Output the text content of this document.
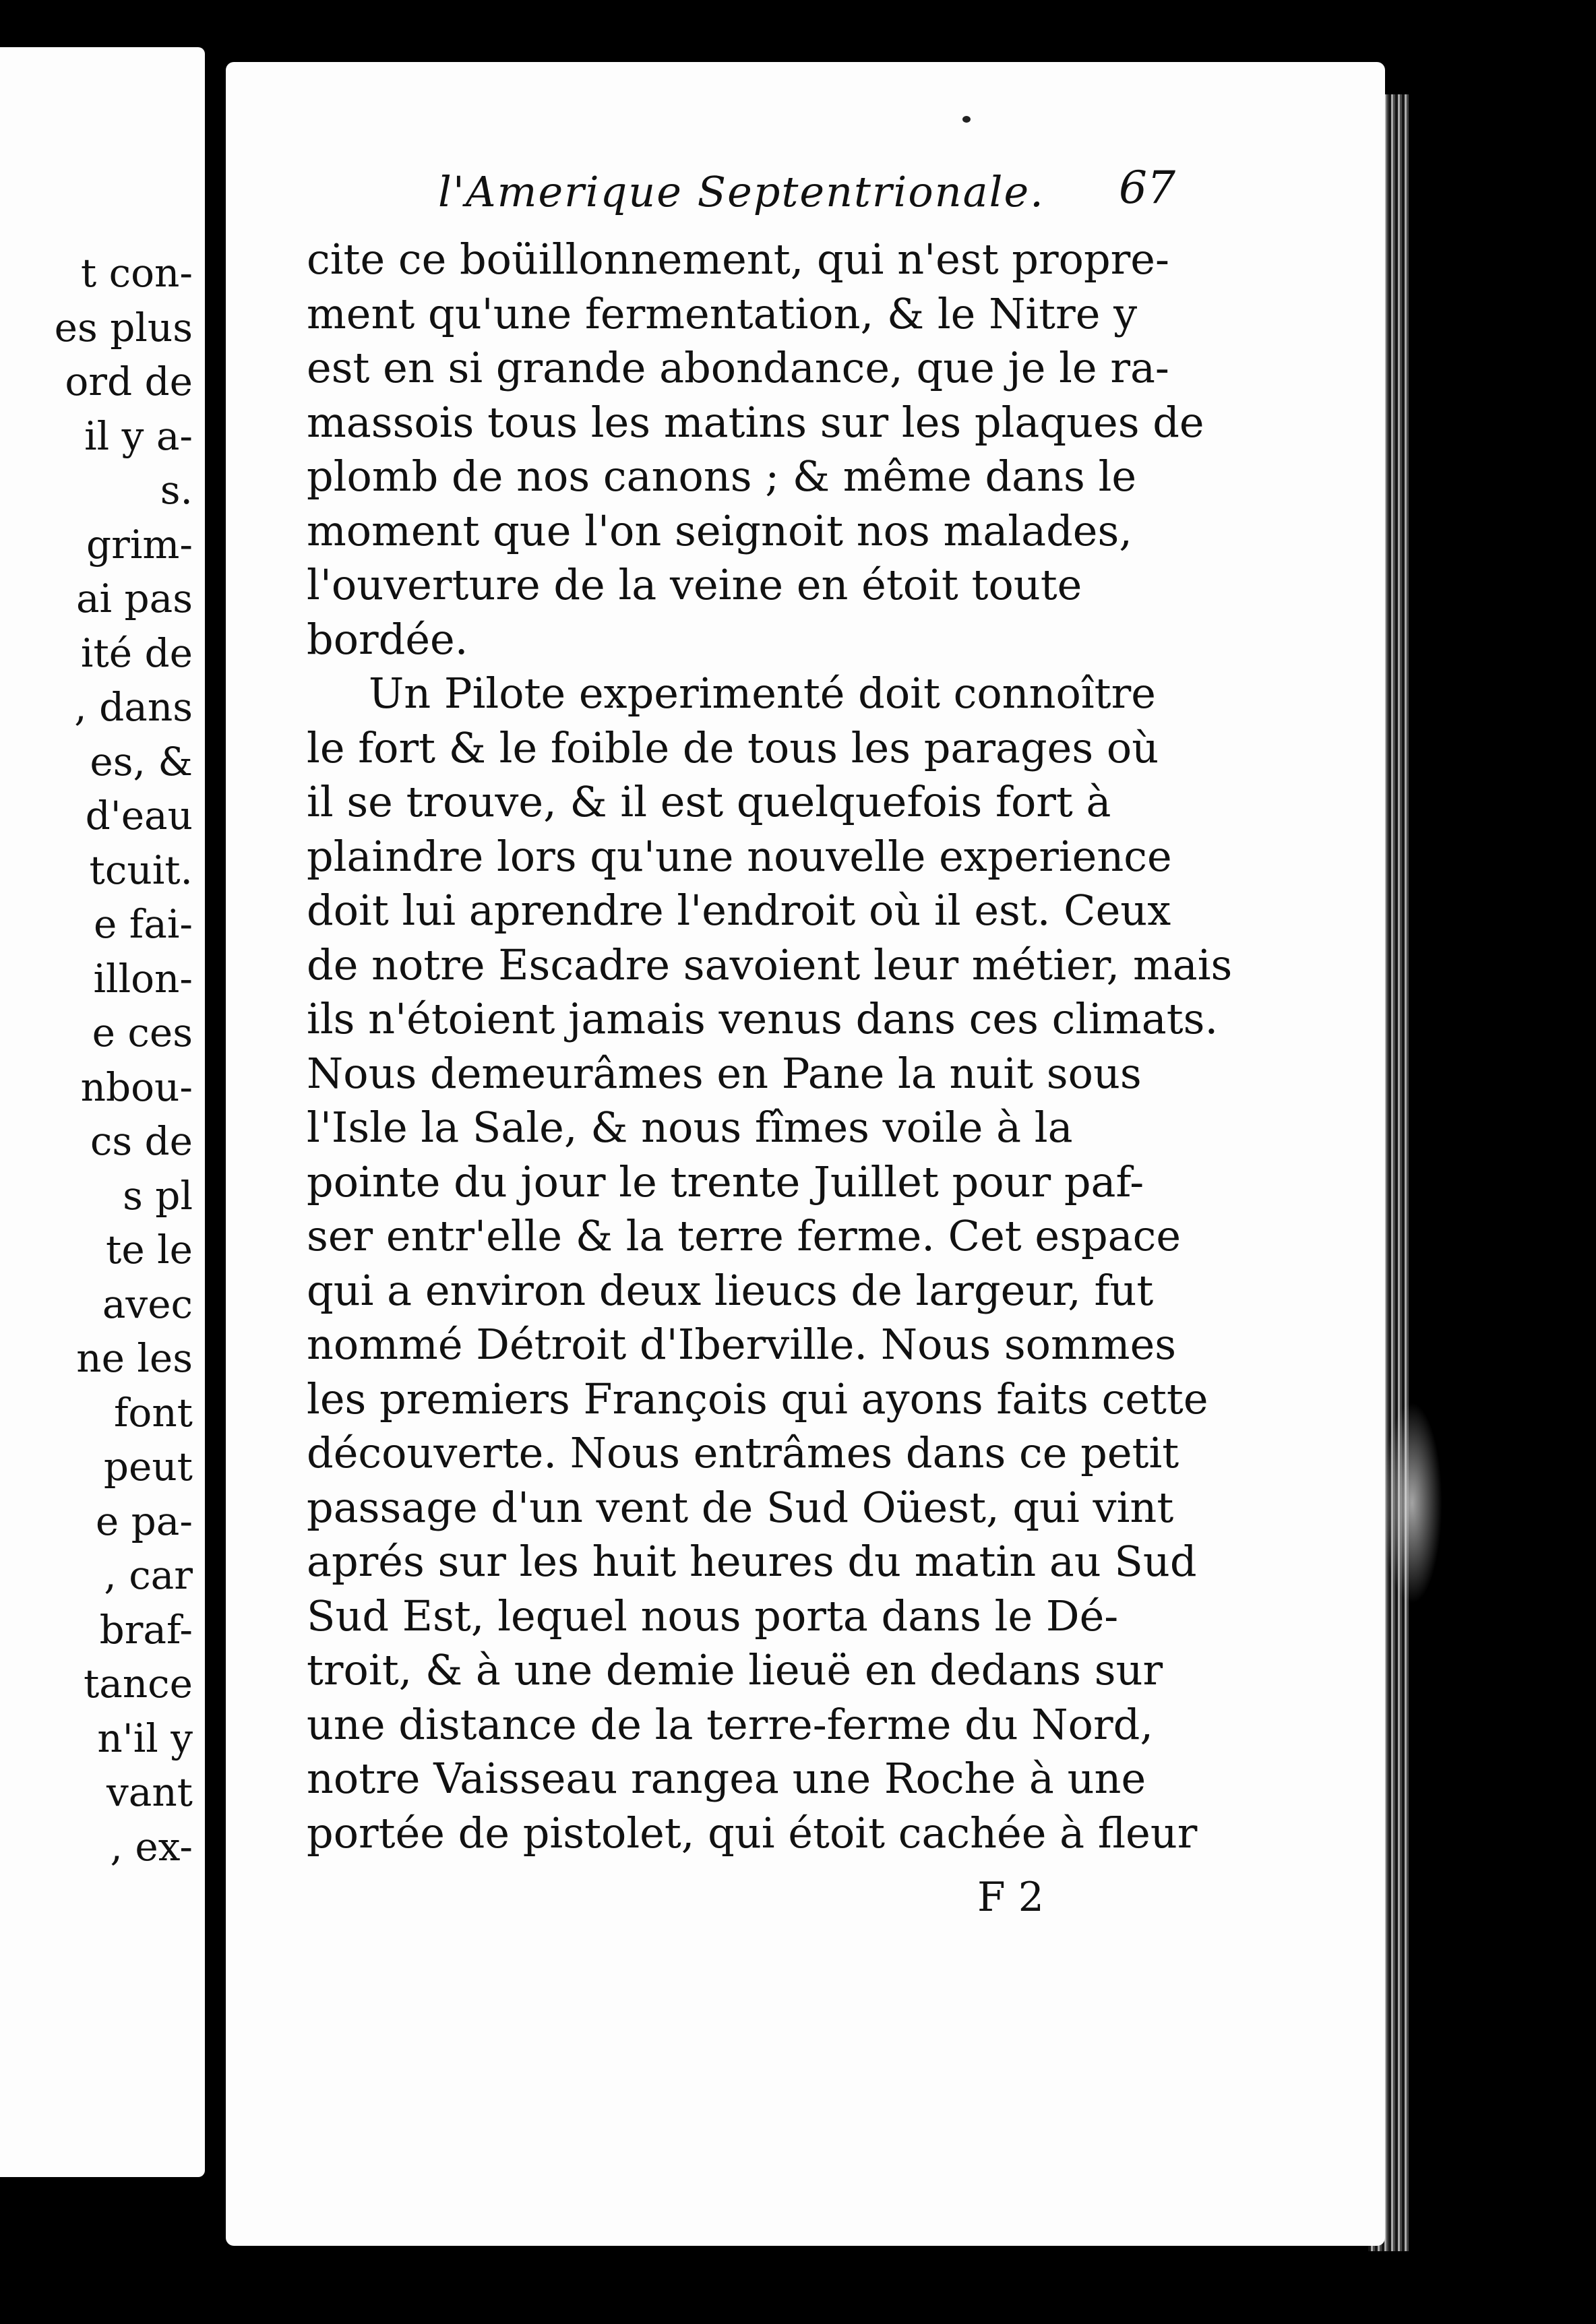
t con-
es plus
ord de
il y a-
s.
grim-
ai pas
ité de
, dans
es, &
d'eau
tcuit.
e fai-
illon-
e ces
nbou-
cs de
s pl
te le
avec
ne les
font
peut
e pa-
, car
braf-
tance
n'il y
vant
, ex-
l'Amerique Septentrionale. 67
cite ce boüillonnement, qui n'est propre-
ment qu'une fermentation, & le Nitre y
est en si grande abondance, que je le ra-
massois tous les matins sur les plaques de
plomb de nos canons ; & même dans le
moment que l'on seignoit nos malades,
l'ouverture de la veine en étoit toute
bordée.
Un Pilote experimenté doit connoître
le fort & le foible de tous les parages où
il se trouve, & il est quelquefois fort à
plaindre lors qu'une nouvelle experience
doit lui aprendre l'endroit où il est. Ceux
de notre Escadre savoient leur métier, mais
ils n'étoient jamais venus dans ces climats.
Nous demeurâmes en Pane la nuit sous
l'Isle la Sale, & nous fîmes voile à la
pointe du jour le trente Juillet pour paf-
ser entr'elle & la terre ferme. Cet espace
qui a environ deux lieucs de largeur, fut
nommé Détroit d'Iberville. Nous sommes
les premiers François qui ayons faits cette
découverte. Nous entrâmes dans ce petit
passage d'un vent de Sud Oüest, qui vint
aprés sur les huit heures du matin au Sud
Sud Est, lequel nous porta dans le Dé-
troit, & à une demie lieuë en dedans sur
une distance de la terre-ferme du Nord,
notre Vaisseau rangea une Roche à une
portée de pistolet, qui étoit cachée à fleur
F 2
